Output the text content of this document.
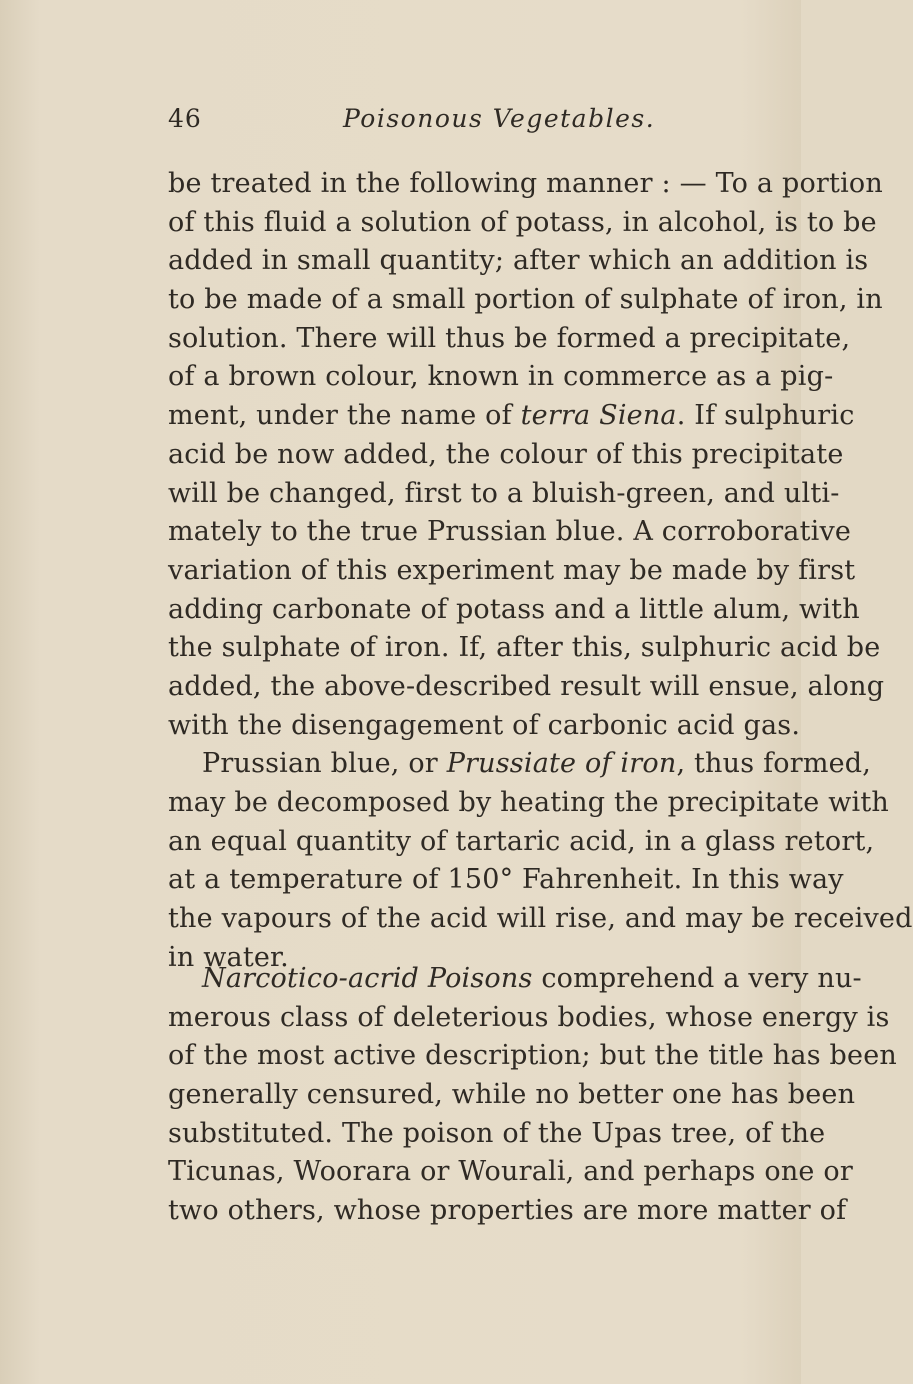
46	Poisonous Vegetables.
be treated in the following manner : — To a portion
of this fluid a solution of potass, in alcohol, is to be
added in small quantity; after which an addition is
to be made of a small portion of sulphate of iron, in
solution. There will thus be formed a precipitate,
of a brown colour, known in commerce as a pig-
ment, under the name of terra Siena. If sulphuric
acid be now added, the colour of this precipitate
will be changed, first to a bluish-green, and ulti-
mately to the true Prussian blue. A corroborative
variation of this experiment may be made by first
adding carbonate of potass and a little alum, with
the sulphate of iron. If, after this, sulphuric acid be
added, the above-described result will ensue, along
with the disengagement of carbonic acid gas.
Prussian blue, or Prussiate of iron, thus formed,
may be decomposed by heating the precipitate with
an equal quantity of tartaric acid, in a glass retort,
at a temperature of 150° Fahrenheit. In this way
the vapours of the acid will rise, and may be received
in water.
Narcotico-acrid Poisons comprehend a very nu-
merous class of deleterious bodies, whose energy is
of the most active description; but the title has been
generally censured, while no better one has been
substituted. The poison of the Upas tree, of the
Ticunas, Woorara or Wourali, and perhaps one or
two others, whose properties are more matter of
